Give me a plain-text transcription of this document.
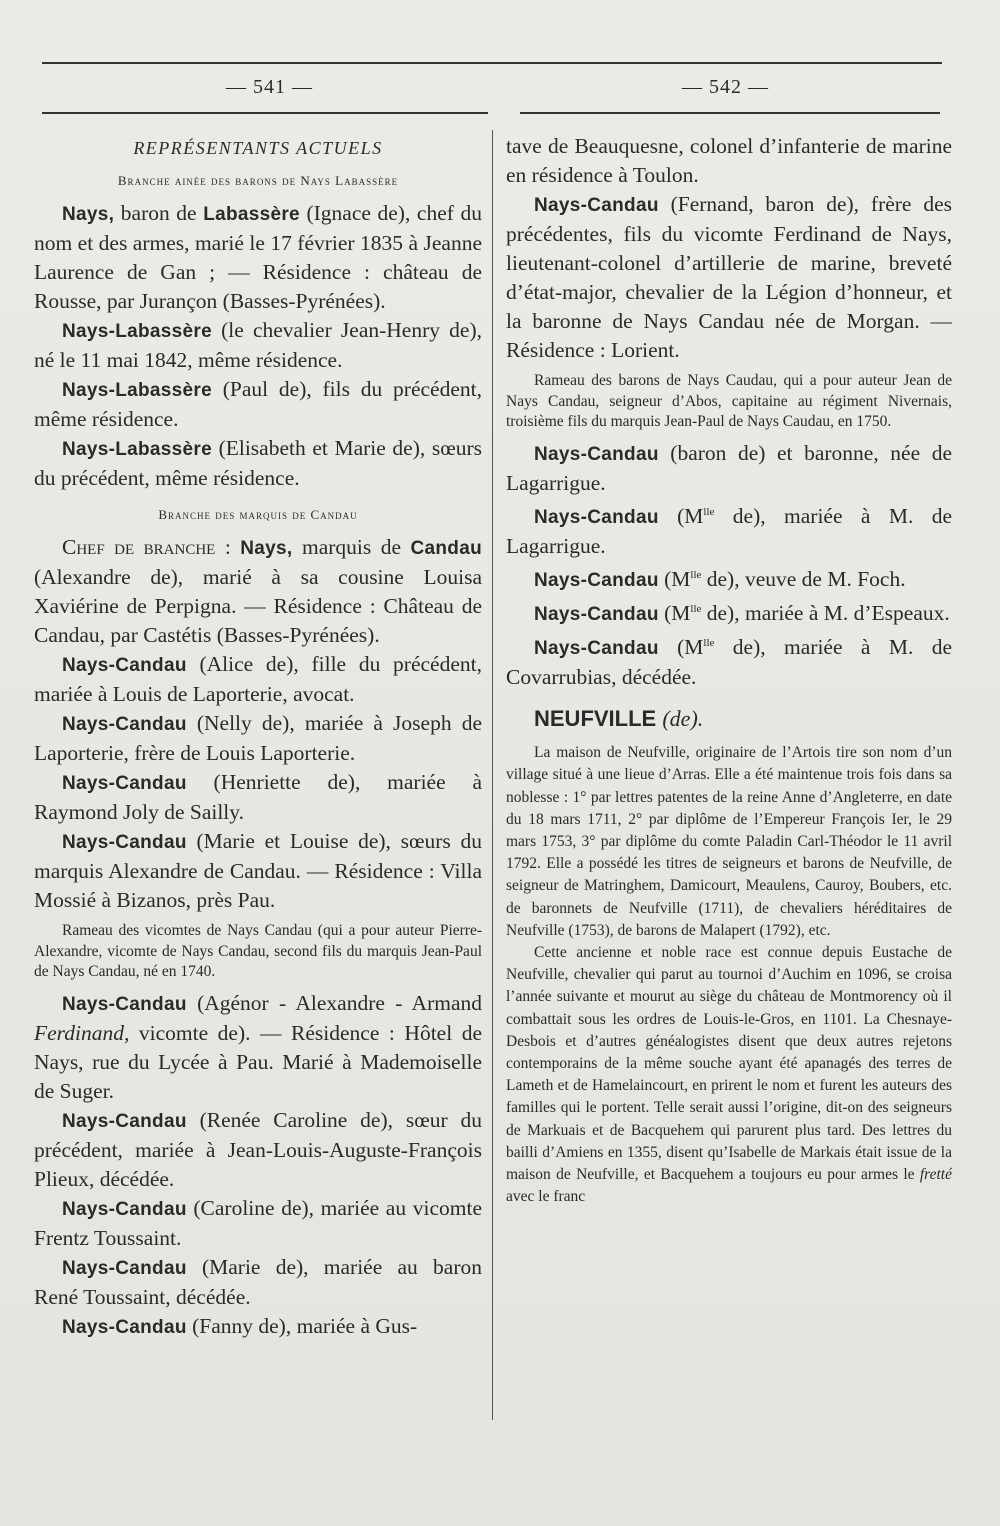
— 541 —	— 542 —
REPRÉSENTANTS ACTUELS
Branche ainée des barons de Nays Labassère

Nays, baron de Labassère (Ignace de), chef du nom et des armes, marié le 17 février 1835 à Jeanne Laurence de Gan ; — Résidence : château de Rousse, par Jurançon (Basses-Pyrénées).

Nays-Labassère (le chevalier Jean-Henry de), né le 11 mai 1842, même résidence.

Nays-Labassère (Paul de), fils du précédent, même résidence.

Nays-Labassère (Elisabeth et Marie de), sœurs du précédent, même résidence.

Branche des marquis de Candau

Chef de branche : Nays, marquis de Candau (Alexandre de), marié à sa cousine Louisa Xaviérine de Perpigna. — Résidence : Château de Candau, par Castétis (Basses-Pyrénées).

Nays-Candau (Alice de), fille du précédent, mariée à Louis de Laporterie, avocat.

Nays-Candau (Nelly de), mariée à Joseph de Laporterie, frère de Louis Laporterie.

Nays-Candau (Henriette de), mariée à Raymond Joly de Sailly.

Nays-Candau (Marie et Louise de), sœurs du marquis Alexandre de Candau. — Résidence : Villa Mossié à Bizanos, près Pau.

Rameau des vicomtes de Nays Candau (qui a pour auteur Pierre-Alexandre, vicomte de Nays Candau, second fils du marquis Jean-Paul de Nays Candau, né en 1740.

Nays-Candau (Agénor - Alexandre - Armand Ferdinand, vicomte de). — Résidence : Hôtel de Nays, rue du Lycée à Pau. Marié à Mademoiselle de Suger.

Nays-Candau (Renée Caroline de), sœur du précédent, mariée à Jean-Louis-Auguste-François Plieux, décédée.

Nays-Candau (Caroline de), mariée au vicomte Frentz Toussaint.

Nays-Candau (Marie de), mariée au baron René Toussaint, décédée.

Nays-Candau (Fanny de), mariée à Gus-

tave de Beauquesne, colonel d’infanterie de marine en résidence à Toulon.

Nays-Candau (Fernand, baron de), frère des précédentes, fils du vicomte Ferdinand de Nays, lieutenant-colonel d’artillerie de marine, breveté d’état-major, chevalier de la Légion d’honneur, et la baronne de Nays Candau née de Morgan. — Résidence : Lorient.

Rameau des barons de Nays Caudau, qui a pour auteur Jean de Nays Candau, seigneur d’Abos, capitaine au régiment Nivernais, troisième fils du marquis Jean-Paul de Nays Caudau, en 1750.

Nays-Candau (baron de) et baronne, née de Lagarrigue.

Nays-Candau ($M^{lle}$ de), mariée à M. de Lagarrigue.

Nays-Candau ($M^{lle}$ de), veuve de M. Foch.

Nays-Candau ($M^{lle}$ de), mariée à M. d’Espeaux.

Nays-Candau ($M^{lle}$ de), mariée à M. de Covarrubias, décédée.

NEUFVILLE (de).

La maison de Neufville, originaire de l’Artois tire son nom d’un village situé à une lieue d’Arras. Elle a été maintenue trois fois dans sa noblesse : 1° par lettres patentes de la reine Anne d’Angleterre, en date du 18 mars 1711, 2° par diplôme de l’Empereur François Ier, le 29 mars 1753, 3° par diplôme du comte Paladin Carl-Théodor le 11 avril 1792. Elle a possédé les titres de seigneurs et barons de Neufville, de seigneur de Matringhem, Damicourt, Meaulens, Cauroy, Boubers, etc. de baronnets de Neufville (1711), de chevaliers héréditaires de Neufville (1753), de barons de Malapert (1792), etc.

Cette ancienne et noble race est connue depuis Eustache de Neufville, chevalier qui parut au tournoi d’Auchim en 1096, se croisa l’année suivante et mourut au siège du château de Montmorency où il combattait sous les ordres de Louis-le-Gros, en 1101. La Chesnaye-Desbois et d’autres généalogistes disent que deux autres rejetons contemporains de la même souche ayant été apanagés des terres de Lameth et de Hamelaincourt, en prirent le nom et furent les auteurs des familles qui le portent. Telle serait aussi l’origine, dit-on des seigneurs de Markuais et de Bacquehem qui parurent plus tard. Des lettres du bailli d’Amiens en 1355, disent qu’Isabelle de Markais était issue de la maison de Neufville, et Bacquehem a toujours eu pour armes le fretté avec le franc
